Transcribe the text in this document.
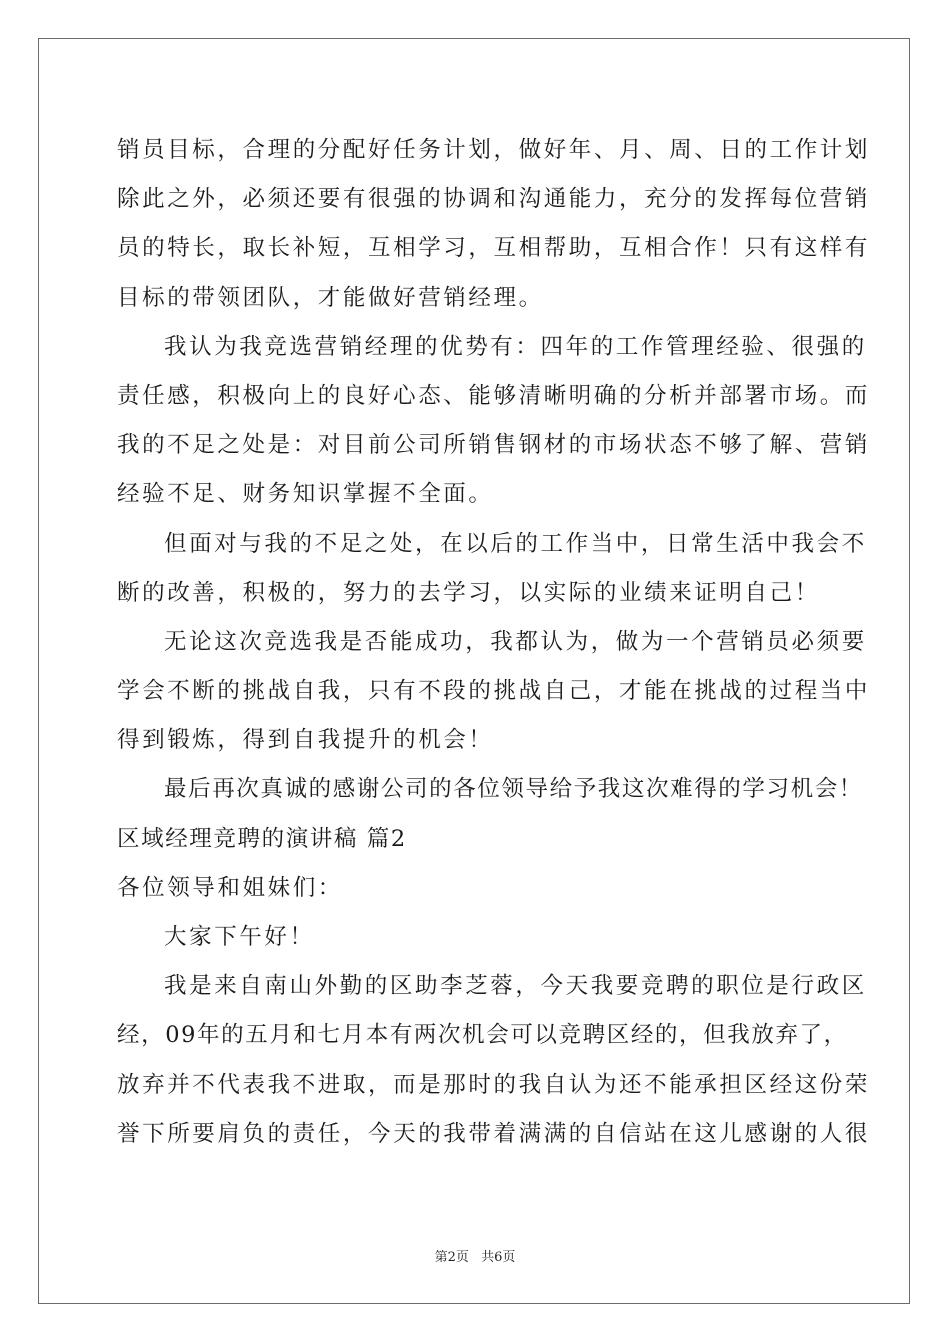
销员目标，合理的分配好任务计划，做好年、月、周、日的工作计划
除此之外，必须还要有很强的协调和沟通能力，充分的发挥每位营销
员的特长，取长补短，互相学习，互相帮助，互相合作！只有这样有
目标的带领团队，才能做好营销经理。
我认为我竞选营销经理的优势有：四年的工作管理经验、很强的
责任感，积极向上的良好心态、能够清晰明确的分析并部署市场。而
我的不足之处是：对目前公司所销售钢材的市场状态不够了解、营销
经验不足、财务知识掌握不全面。
但面对与我的不足之处，在以后的工作当中，日常生活中我会不
断的改善，积极的，努力的去学习，以实际的业绩来证明自己！
无论这次竞选我是否能成功，我都认为，做为一个营销员必须要
学会不断的挑战自我，只有不段的挑战自己，才能在挑战的过程当中
得到锻炼，得到自我提升的机会！
最后再次真诚的感谢公司的各位领导给予我这次难得的学习机会！
区域经理竞聘的演讲稿 篇2
各位领导和姐妹们：
大家下午好！
我是来自南山外勤的区助李芝蓉，今天我要竞聘的职位是行政区
经，09年的五月和七月本有两次机会可以竞聘区经的，但我放弃了，
放弃并不代表我不进取，而是那时的我自认为还不能承担区经这份荣
誉下所要肩负的责任，今天的我带着满满的自信站在这儿感谢的人很
第2页 共6页
